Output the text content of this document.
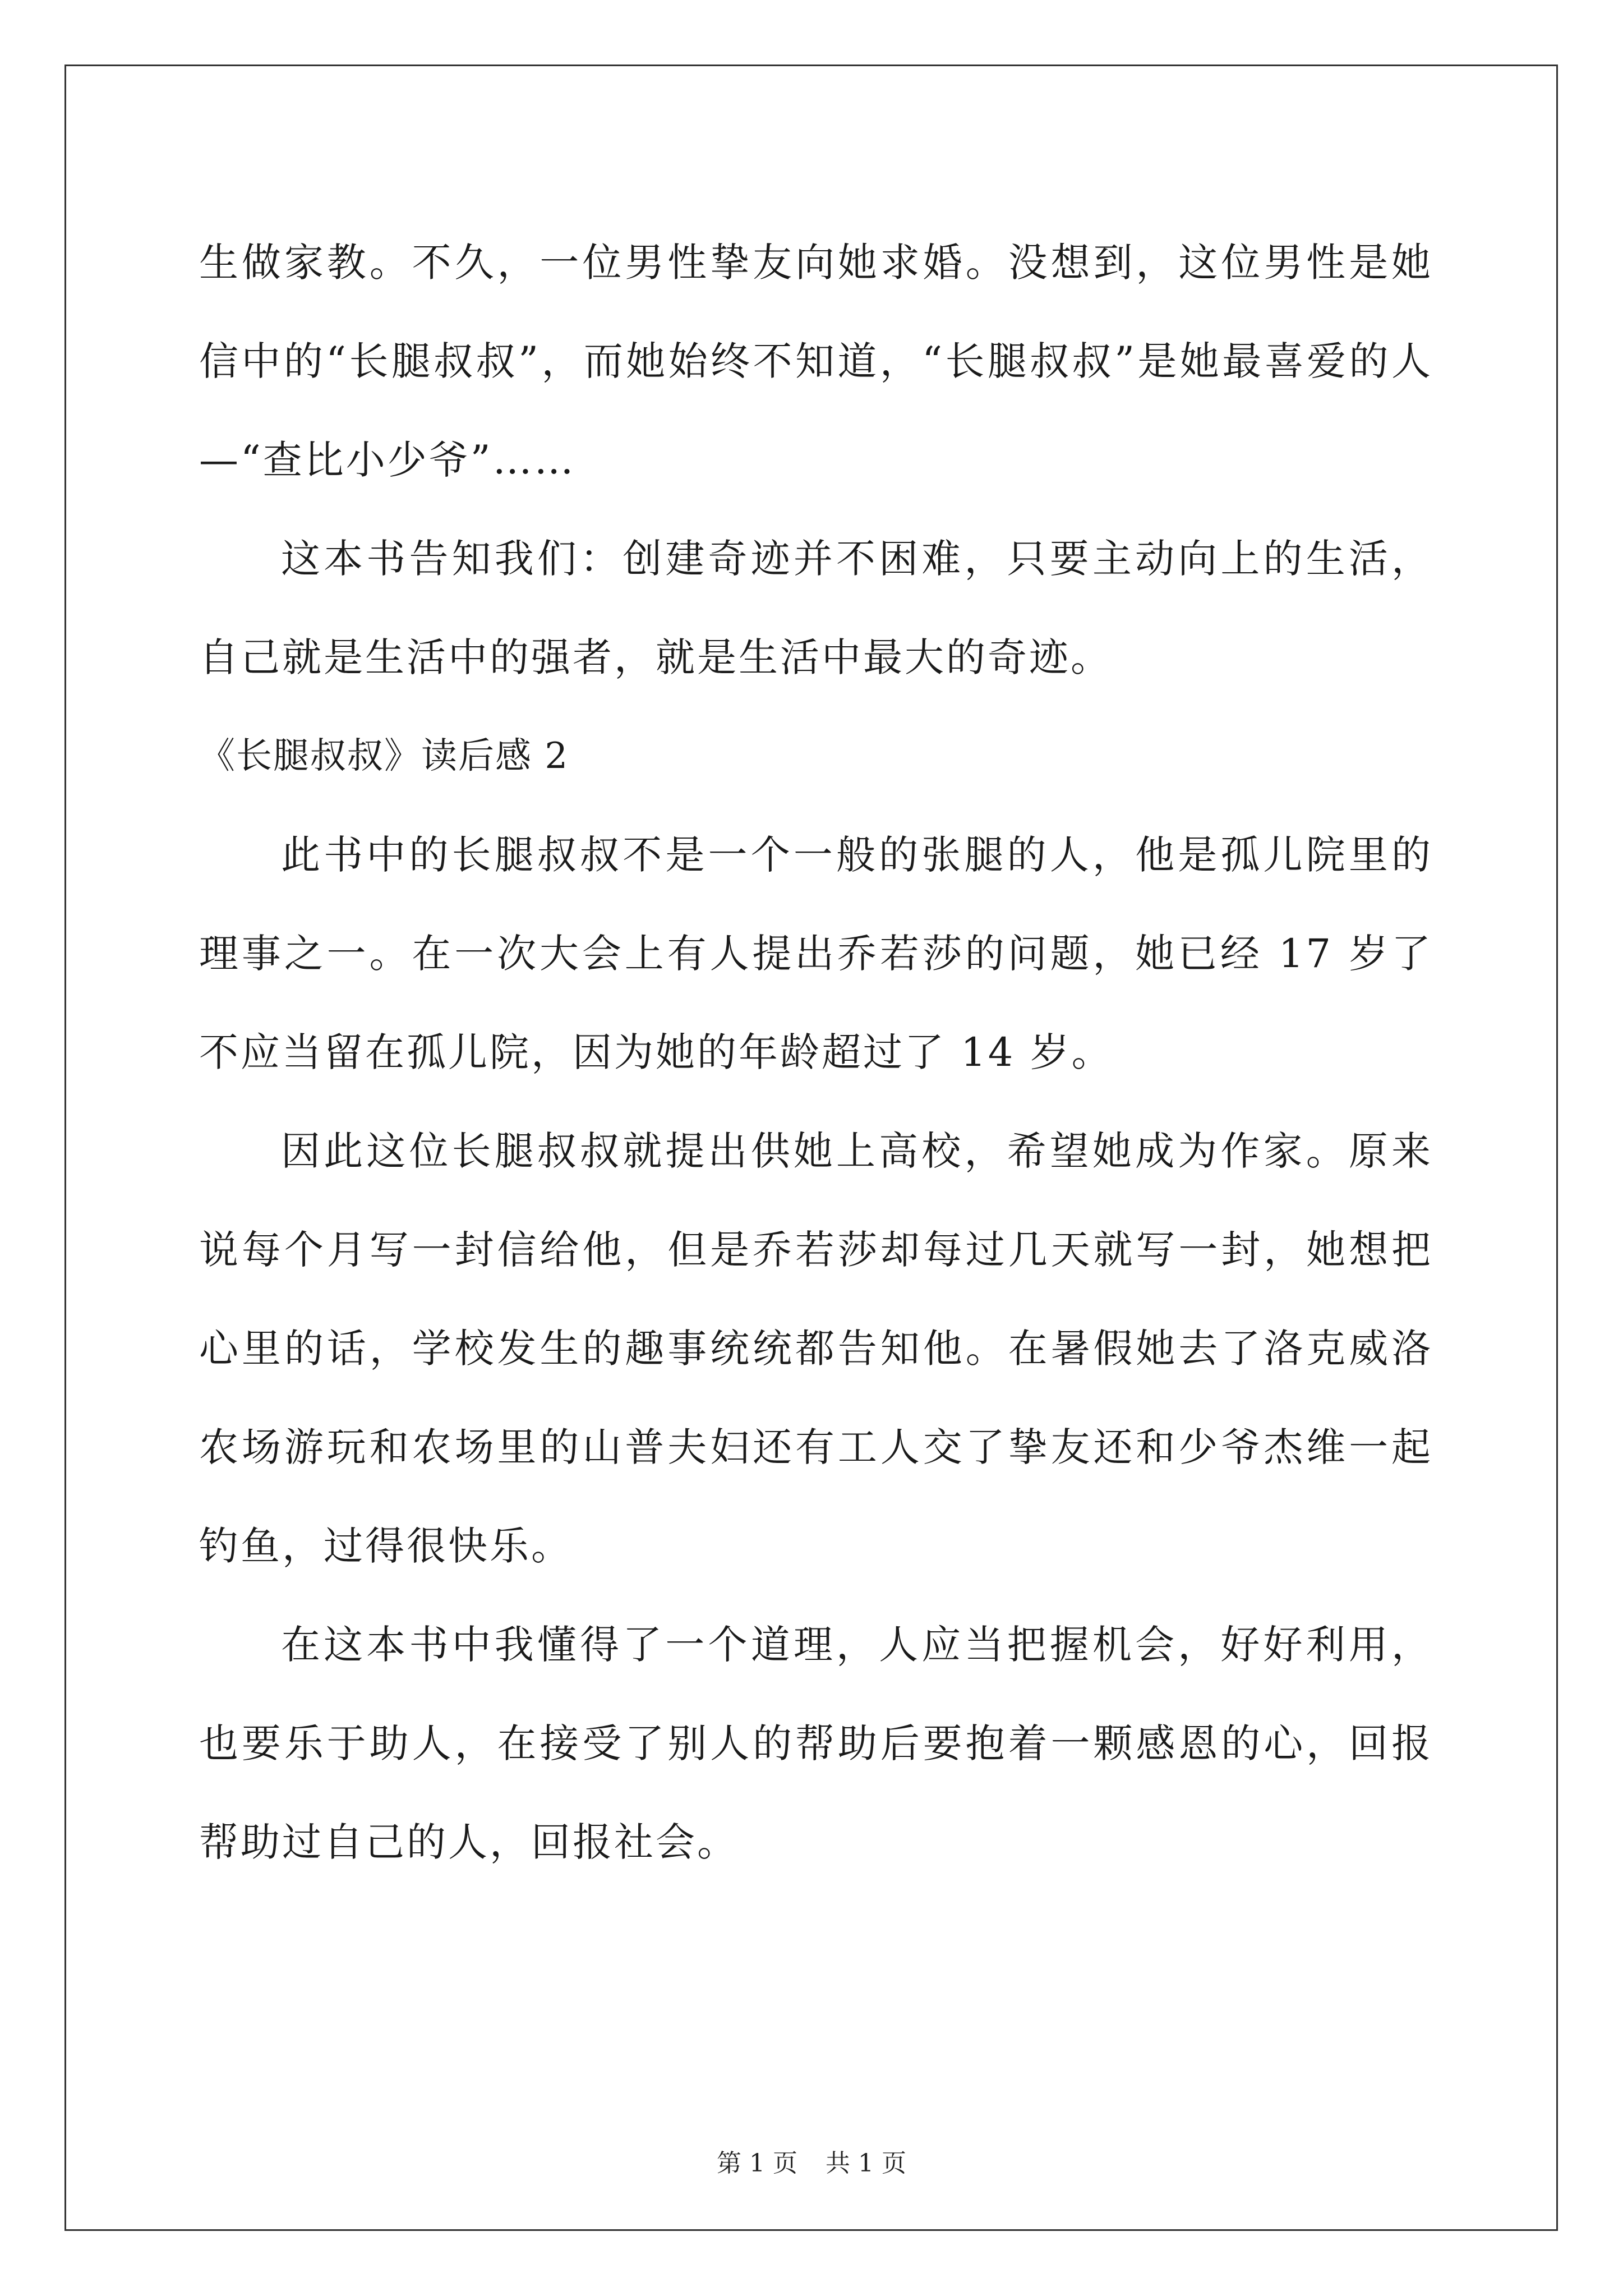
生做家教。不久，一位男性挚友向她求婚。没想到，这位男性是她信中的“长腿叔叔”，而她始终不知道，“长腿叔叔”是她最喜爱的人—“查比小少爷”……

这本书告知我们：创建奇迹并不困难，只要主动向上的生活，自己就是生活中的强者，就是生活中最大的奇迹。

《长腿叔叔》读后感 2

此书中的长腿叔叔不是一个一般的张腿的人，他是孤儿院里的理事之一。在一次大会上有人提出乔若莎的问题，她已经 17 岁了不应当留在孤儿院，因为她的年龄超过了 14 岁。

因此这位长腿叔叔就提出供她上高校，希望她成为作家。原来说每个月写一封信给他，但是乔若莎却每过几天就写一封，她想把心里的话，学校发生的趣事统统都告知他。在暑假她去了洛克威洛农场游玩和农场里的山普夫妇还有工人交了挚友还和少爷杰维一起钓鱼，过得很快乐。

在这本书中我懂得了一个道理，人应当把握机会，好好利用，也要乐于助人，在接受了别人的帮助后要抱着一颗感恩的心，回报帮助过自己的人，回报社会。

第 1 页 共 1 页
